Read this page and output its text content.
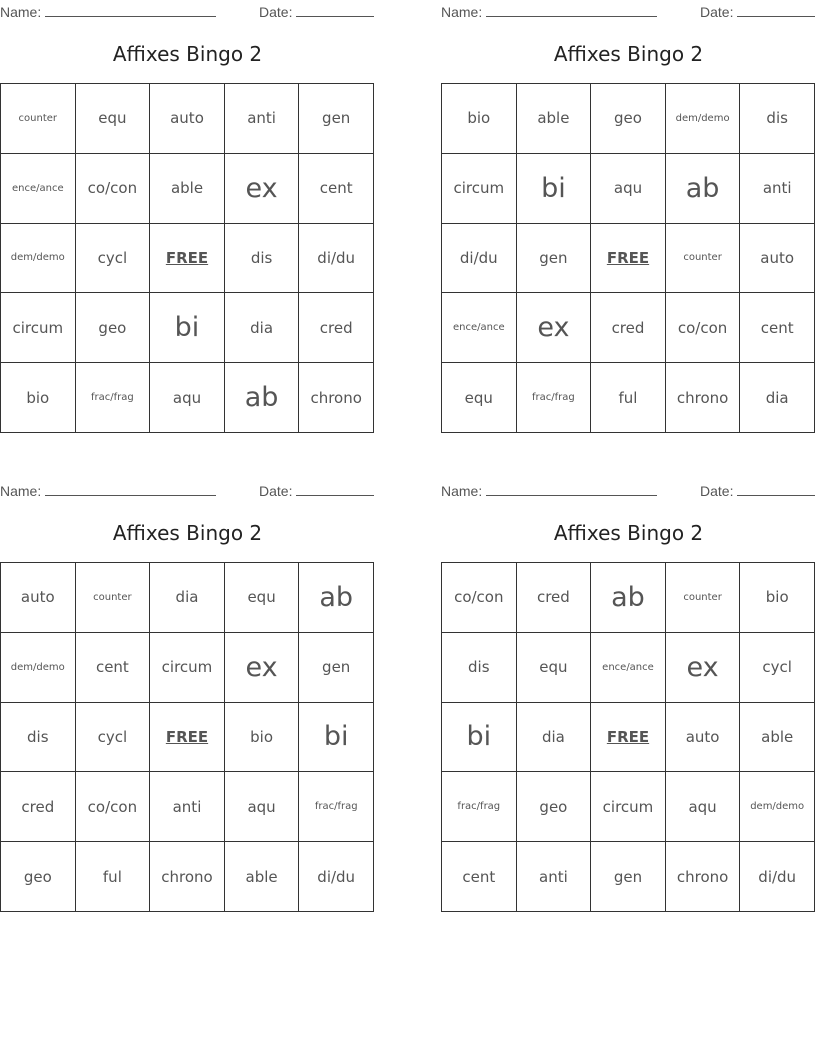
Name:	Date:
Affixes Bingo 2
counter	equ	auto	anti	gen
ence/ance	co/con	able	ex	cent
dem/demo	cycl	FREE	dis	di/du
circum	geo	bi	dia	cred
bio	frac/frag	aqu	ab	chrono
Name:	Date:
Affixes Bingo 2
bio	able	geo	dem/demo	dis
circum	bi	aqu	ab	anti
di/du	gen	FREE	counter	auto
ence/ance	ex	cred	co/con	cent
equ	frac/frag	ful	chrono	dia
Name:	Date:
Affixes Bingo 2
auto	counter	dia	equ	ab
dem/demo	cent	circum	ex	gen
dis	cycl	FREE	bio	bi
cred	co/con	anti	aqu	frac/frag
geo	ful	chrono	able	di/du
Name:	Date:
Affixes Bingo 2
co/con	cred	ab	counter	bio
dis	equ	ence/ance	ex	cycl
bi	dia	FREE	auto	able
frac/frag	geo	circum	aqu	dem/demo
cent	anti	gen	chrono	di/du
